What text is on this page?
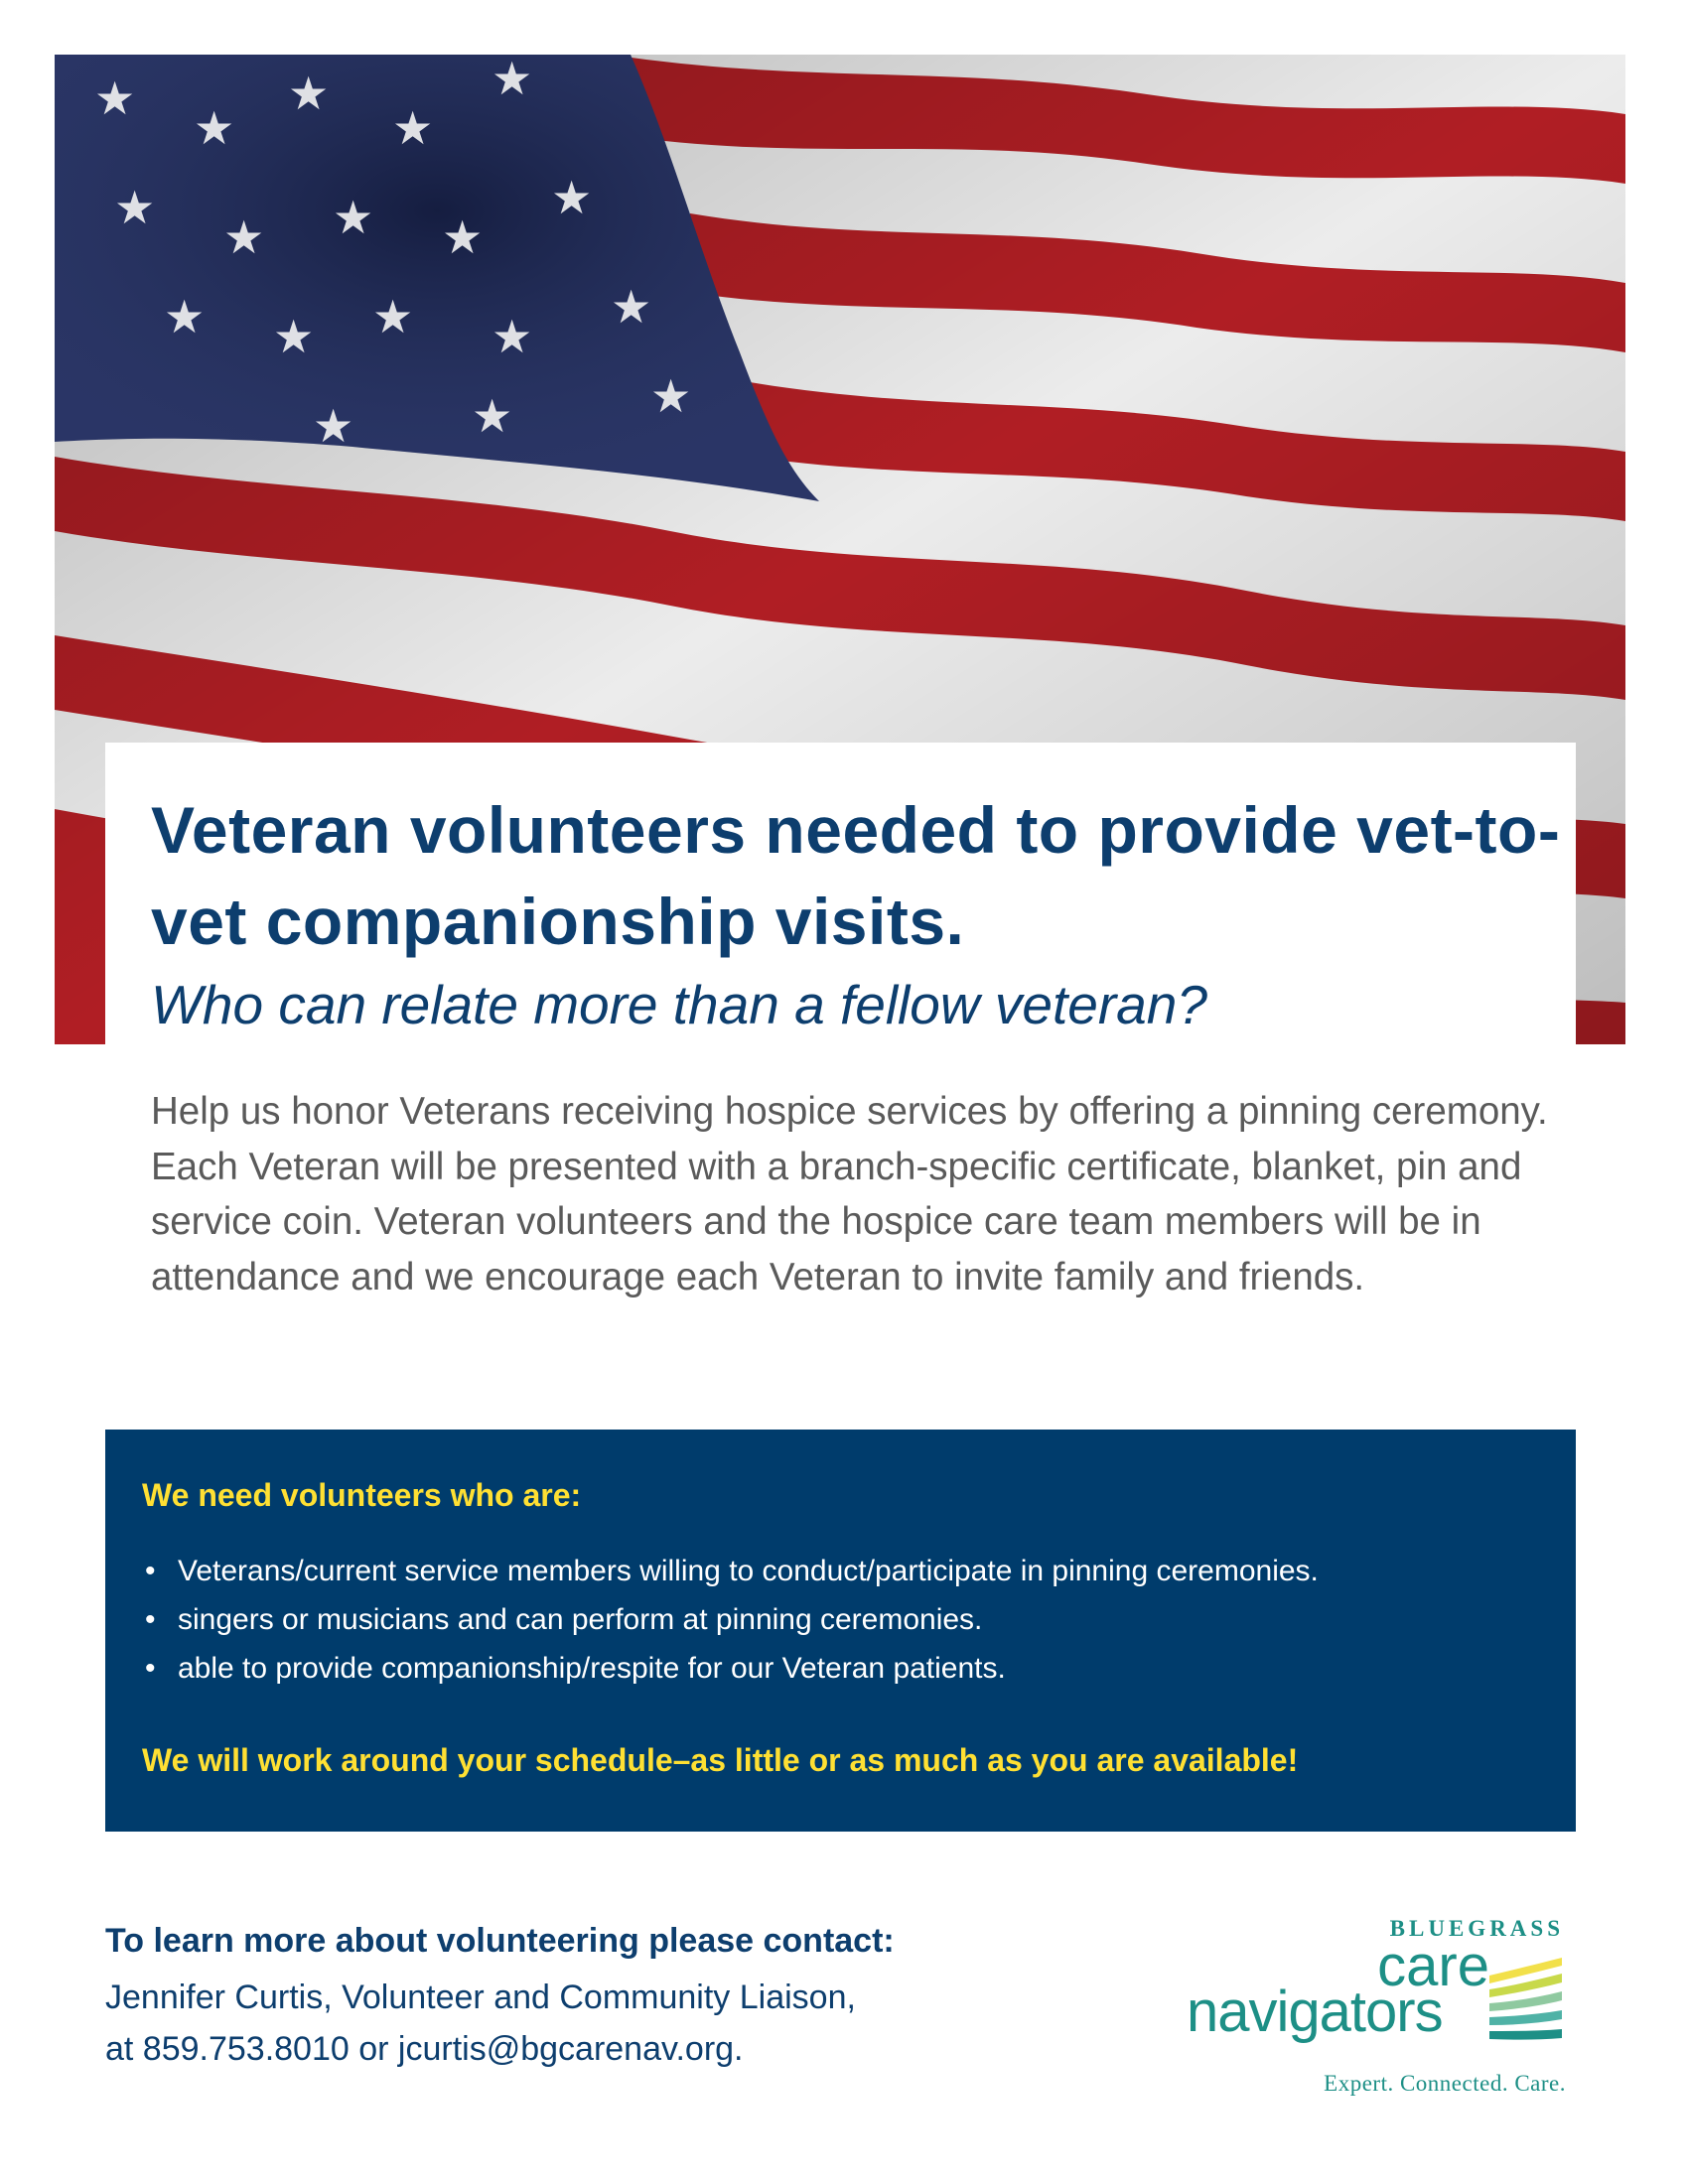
★
★
★
★
★
★
★ ★ ★
★
★ ★ ★ ★
★
★	★	★
Veteran volunteers needed to provide vet-to-vet companionship visits.
Who can relate more than a fellow veteran?

Help us honor Veterans receiving hospice services by offering a pinning ceremony. Each Veteran will be presented with a branch-specific certificate, blanket, pin and service coin. Veteran volunteers and the hospice care team members will be in attendance and we encourage each Veteran to invite family and friends.

We need volunteers who are:

• Veterans/current service members willing to conduct/participate in pinning ceremonies.
• singers or musicians and can perform at pinning ceremonies.
• able to provide companionship/respite for our Veteran patients.

We will work around your schedule–as little or as much as you are available!

To learn more about volunteering please contact:

Jennifer Curtis, Volunteer and Community Liaison,

at 859.753.8010 or jcurtis@bgcarenav.org.

BLUEGRASS

care

navigators

Expert. Connected. Care.
